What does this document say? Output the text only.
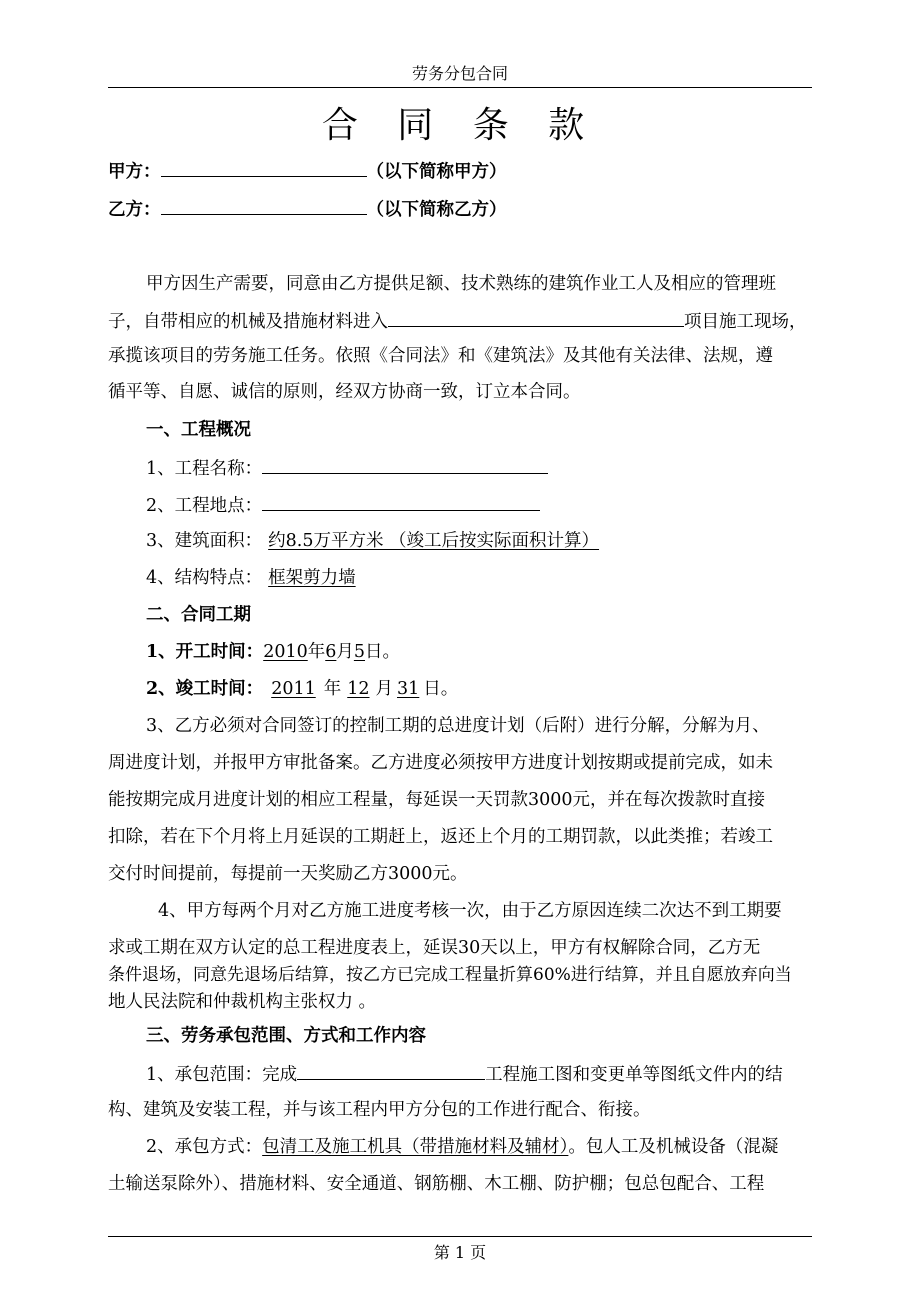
劳务分包合同
合 同 条 款
甲方：	（以下简称甲方）
乙方：	（以下简称乙方）
甲方因生产需要，同意由乙方提供足额、技术熟练的建筑作业工人及相应的管理班
子，自带相应的机械及措施材料进入	项目施工现场，
承揽该项目的劳务施工任务。依照《合同法》和《建筑法》及其他有关法律、法规，遵
循平等、自愿、诚信的原则，经双方协商一致，订立本合同。
一、工程概况
1、工程名称：
2、工程地点：
3、建筑面积： 约8.5万平方米 （竣工后按实际面积计算）
4、结构特点： 框架剪力墙
二、合同工期
1、开工时间：2010年6月5日。
2、竣工时间： 2011 年 12 月 31 日。
3、乙方必须对合同签订的控制工期的总进度计划（后附）进行分解，分解为月、
周进度计划，并报甲方审批备案。乙方进度必须按甲方进度计划按期或提前完成，如未
能按期完成月进度计划的相应工程量，每延误一天罚款3000元，并在每次拨款时直接
扣除，若在下个月将上月延误的工期赶上，返还上个月的工期罚款，以此类推；若竣工
交付时间提前，每提前一天奖励乙方3000元。
4、甲方每两个月对乙方施工进度考核一次，由于乙方原因连续二次达不到工期要
求或工期在双方认定的总工程进度表上，延误30天以上，甲方有权解除合同，乙方无
条件退场，同意先退场后结算，按乙方已完成工程量折算60%进行结算，并且自愿放弃向当
地人民法院和仲裁机构主张权力 。
三、劳务承包范围、方式和工作内容
1、承包范围：完成	工程施工图和变更单等图纸文件内的结
构、建筑及安装工程，并与该工程内甲方分包的工作进行配合、衔接。
2、承包方式：包清工及施工机具（带措施材料及辅材）。包人工及机械设备（混凝
土输送泵除外）、措施材料、安全通道、钢筋棚、木工棚、防护棚；包总包配合、工程
第 1 页
